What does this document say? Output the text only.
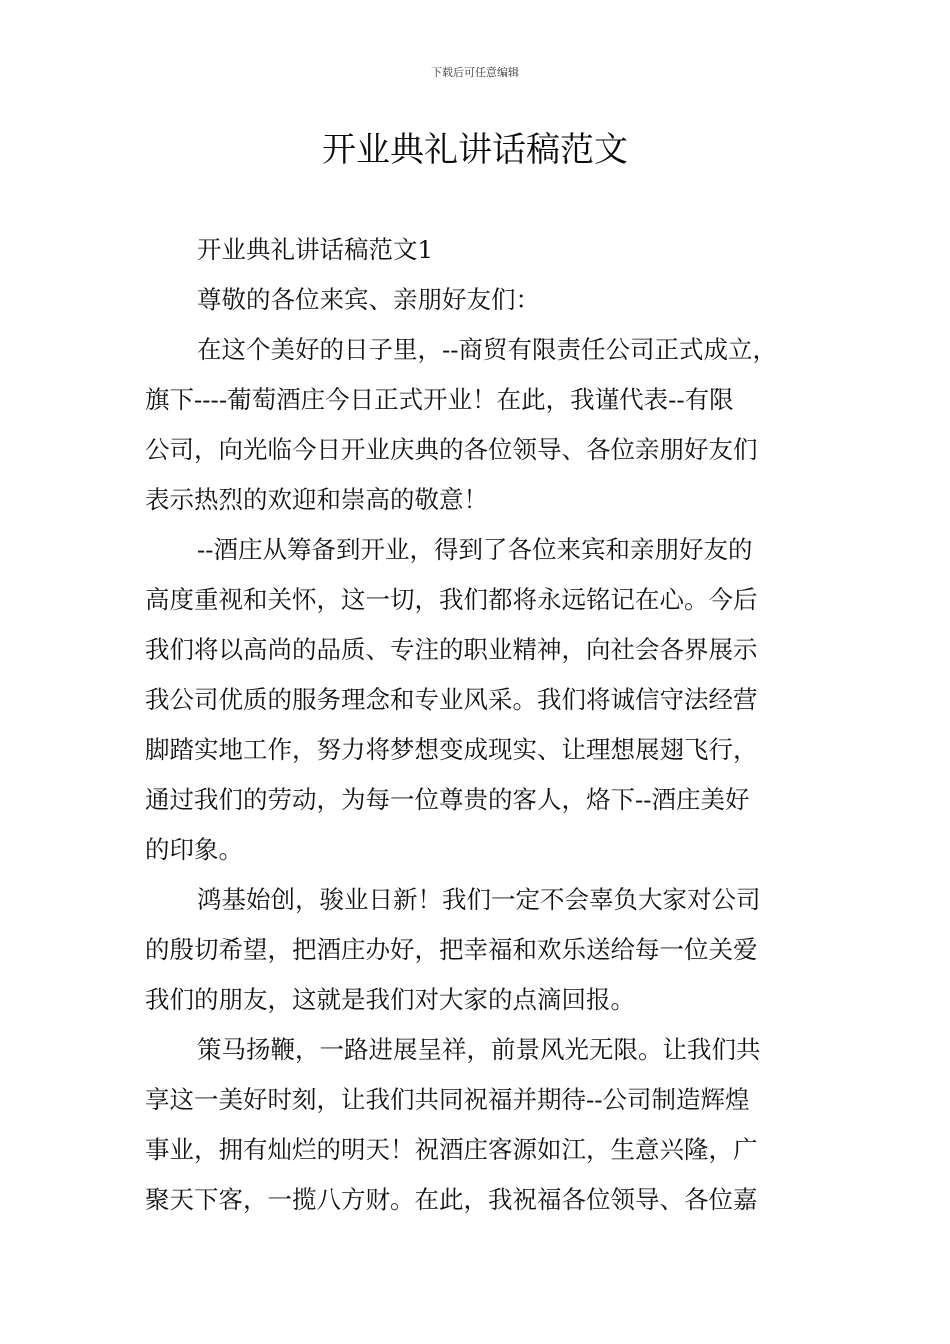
下载后可任意编辑
开业典礼讲话稿范文
开业典礼讲话稿范文1
尊敬的各位来宾、亲朋好友们：
在这个美好的日子里，--商贸有限责任公司正式成立，
旗下----葡萄酒庄今日正式开业！在此，我谨代表--有限
公司，向光临今日开业庆典的各位领导、各位亲朋好友们
表示热烈的欢迎和崇高的敬意！
--酒庄从筹备到开业，得到了各位来宾和亲朋好友的
高度重视和关怀，这一切，我们都将永远铭记在心。今后
我们将以高尚的品质、专注的职业精神，向社会各界展示
我公司优质的服务理念和专业风采。我们将诚信守法经营
脚踏实地工作，努力将梦想变成现实、让理想展翅飞行，
通过我们的劳动，为每一位尊贵的客人，烙下--酒庄美好
的印象。
鸿基始创，骏业日新！我们一定不会辜负大家对公司
的殷切希望，把酒庄办好，把幸福和欢乐送给每一位关爱
我们的朋友，这就是我们对大家的点滴回报。
策马扬鞭，一路进展呈祥，前景风光无限。让我们共
享这一美好时刻，让我们共同祝福并期待--公司制造辉煌
事业，拥有灿烂的明天！祝酒庄客源如江，生意兴隆，广
聚天下客，一揽八方财。在此，我祝福各位领导、各位嘉
